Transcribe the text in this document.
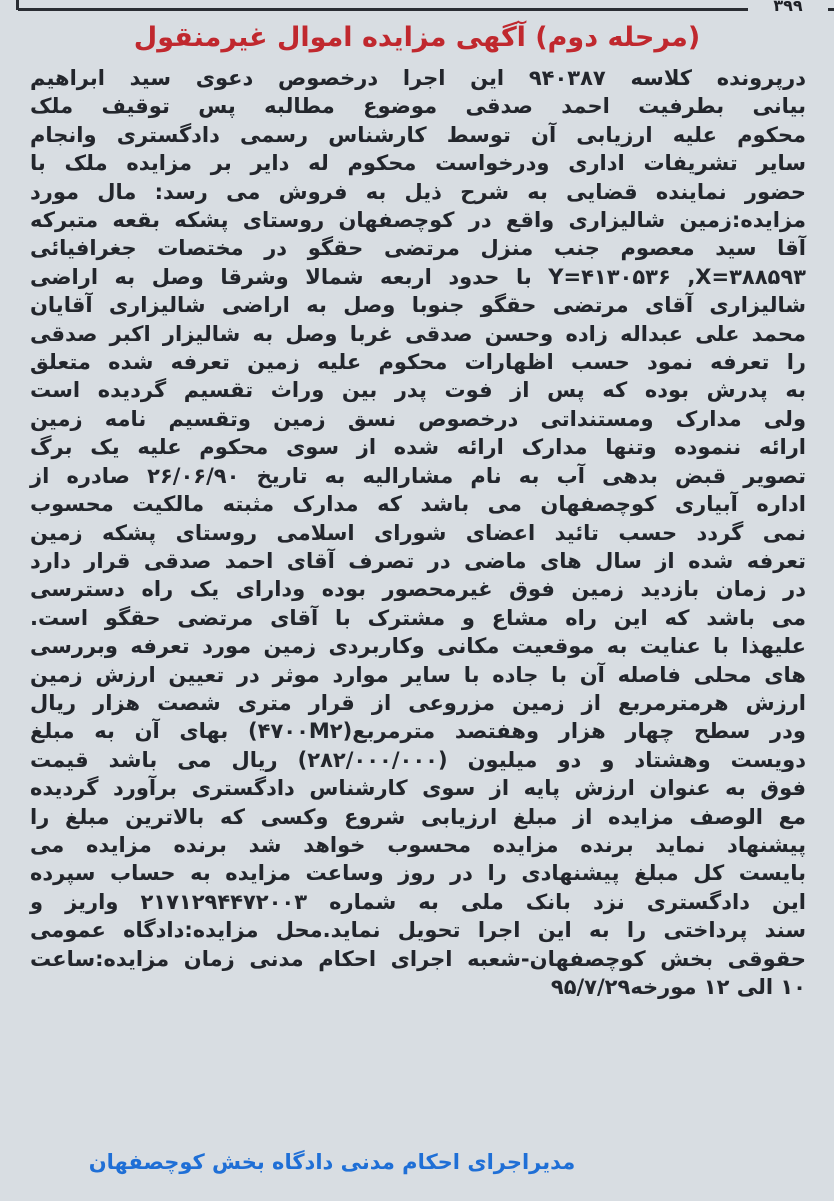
۳۹۹
(مرحله دوم) آگهی مزایده اموال غیرمنقول
درپرونده کلاسه ۹۴۰۳۸۷ این اجرا درخصوص دعوی سید ابراهیم
بیانی بطرفیت احمد صدقی موضوع مطالبه پس توقیف ملک
محکوم علیه ارزیابی آن توسط کارشناس رسمی دادگستری وانجام
سایر تشریفات اداری ودرخواست محکوم له دایر بر مزایده ملک با
حضور نماینده قضایی به شرح ذیل به فروش می رسد: مال مورد
مزایده:زمین شالیزاری واقع در کوچصفهان روستای پشکه بقعه متبرکه
آقا سید معصوم جنب منزل مرتضی حقگو در مختصات جغرافیائی
Y=۴۱۳۰۵۳۶ ,X=۳۸۸۵۹۳ با حدود اربعه شمالا وشرقا وصل به اراضی
شالیزاری آقای مرتضی حقگو جنوبا وصل به اراضی شالیزاری آقایان
محمد علی عبداله زاده وحسن صدقی غربا وصل به شالیزار اکبر صدقی
را تعرفه نمود حسب اظهارات محکوم علیه زمین تعرفه شده متعلق
به پدرش بوده که پس از فوت پدر بین وراث تقسیم گردیده است
ولی مدارک ومستنداتی درخصوص نسق زمین وتقسیم نامه زمین
ارائه ننموده وتنها مدارک ارائه شده از سوی محکوم علیه یک برگ
تصویر قبض بدهی آب به نام مشارالیه به تاریخ ۲۶/۰۶/۹۰ صادره از
اداره آبیاری کوچصفهان می باشد که مدارک مثبته مالکیت محسوب
نمی گردد حسب تائید اعضای شورای اسلامی روستای پشکه زمین
تعرفه شده از سال های ماضی در تصرف آقای احمد صدقی قرار دارد
در زمان بازدید زمین فوق غیرمحصور بوده ودارای یک راه دسترسی
می باشد که این راه مشاع و مشترک با آقای مرتضی حقگو است.
علیهذا با عنایت به موقعیت مکانی وکاربردی زمین مورد تعرفه وبررسی
های محلی فاصله آن با جاده با سایر موارد موثر در تعیین ارزش زمین
ارزش هرمترمربع از زمین مزروعی از قرار متری شصت هزار ریال
ودر سطح چهار هزار وهفتصد مترمربع(۴۷۰۰M۲) بهای آن به مبلغ
دویست وهشتاد و دو میلیون (۲۸۲/۰۰۰/۰۰۰) ریال می باشد قیمت
فوق به عنوان ارزش پایه از سوی کارشناس دادگستری برآورد گردیده
مع الوصف مزایده از مبلغ ارزیابی شروع وکسی که بالاترین مبلغ را
پیشنهاد نماید برنده مزایده محسوب خواهد شد برنده مزایده می
بایست کل مبلغ پیشنهادی را در روز وساعت مزایده به حساب سپرده
این دادگستری نزد بانک ملی به شماره ۲۱۷۱۲۹۴۴۷۲۰۰۳ واریز و
سند پرداختی را به این اجرا تحویل نماید.محل مزایده:دادگاه عمومی
حقوقی بخش کوچصفهان-شعبه اجرای احکام مدنی زمان مزایده:ساعت
۱۰ الی ۱۲ مورخه۹۵/۷/۲۹
مدیراجرای احکام مدنی دادگاه بخش کوچصفهان
